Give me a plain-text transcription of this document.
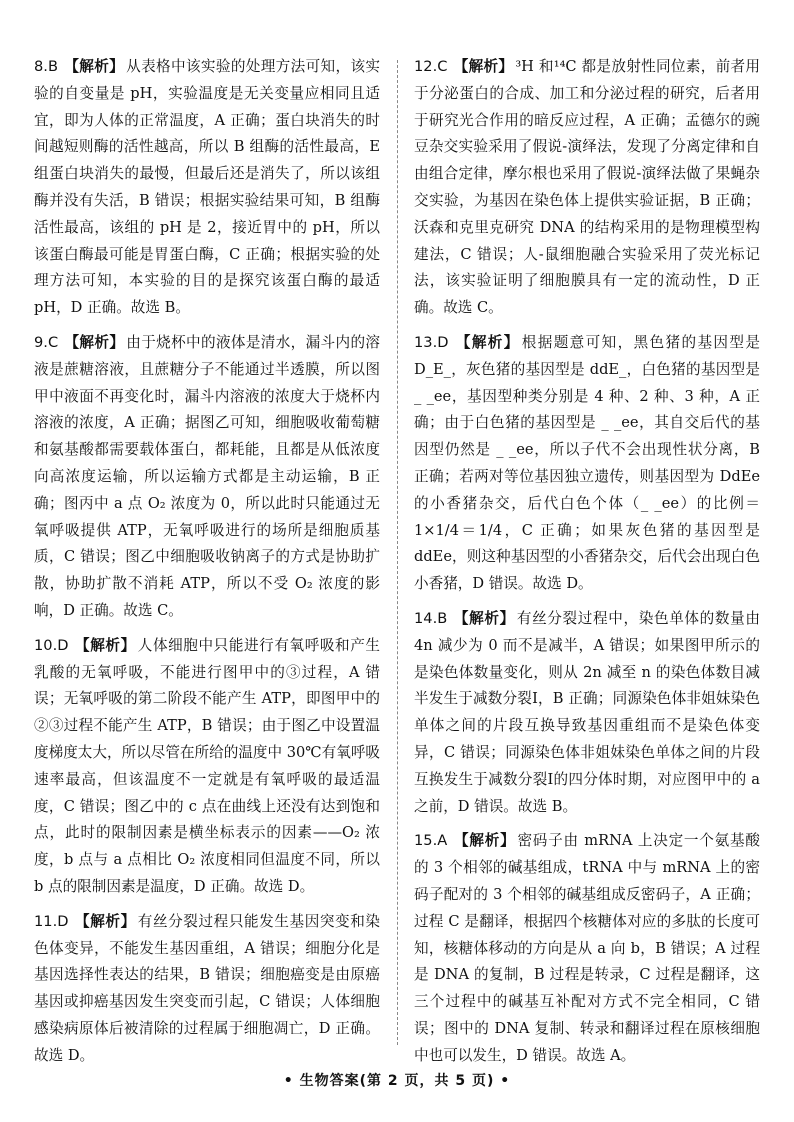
8.B 【解析】 从表格中该实验的处理方法可知，该实验的自变量是 pH，实验温度是无关变量应相同且适宜，即为人体的正常温度，A 正确；蛋白块消失的时间越短则酶的活性越高，所以 B 组酶的活性最高，E 组蛋白块消失的最慢，但最后还是消失了，所以该组酶并没有失活，B 错误；根据实验结果可知，B 组酶活性最高，该组的 pH 是 2，接近胃中的 pH，所以该蛋白酶最可能是胃蛋白酶，C 正确；根据实验的处理方法可知，本实验的目的是探究该蛋白酶的最适 pH，D 正确。故选 B。
9.C 【解析】 由于烧杯中的液体是清水，漏斗内的溶液是蔗糖溶液，且蔗糖分子不能通过半透膜，所以图甲中液面不再变化时，漏斗内溶液的浓度大于烧杯内溶液的浓度，A 正确；据图乙可知，细胞吸收葡萄糖和氨基酸都需要载体蛋白，都耗能，且都是从低浓度向高浓度运输，所以运输方式都是主动运输，B 正确；图丙中 a 点 O₂ 浓度为 0，所以此时只能通过无氧呼吸提供 ATP，无氧呼吸进行的场所是细胞质基质，C 错误；图乙中细胞吸收钠离子的方式是协助扩散，协助扩散不消耗 ATP，所以不受 O₂ 浓度的影响，D 正确。故选 C。
10.D 【解析】 人体细胞中只能进行有氧呼吸和产生乳酸的无氧呼吸，不能进行图甲中的③过程，A 错误；无氧呼吸的第二阶段不能产生 ATP，即图甲中的②③过程不能产生 ATP，B 错误；由于图乙中设置温度梯度太大，所以尽管在所给的温度中 30℃有氧呼吸速率最高，但该温度不一定就是有氧呼吸的最适温度，C 错误；图乙中的 c 点在曲线上还没有达到饱和点，此时的限制因素是横坐标表示的因素——O₂ 浓度，b 点与 a 点相比 O₂ 浓度相同但温度不同，所以 b 点的限制因素是温度，D 正确。故选 D。
11.D 【解析】 有丝分裂过程只能发生基因突变和染色体变异，不能发生基因重组，A 错误；细胞分化是基因选择性表达的结果，B 错误；细胞癌变是由原癌基因或抑癌基因发生突变而引起，C 错误；人体细胞感染病原体后被清除的过程属于细胞凋亡，D 正确。故选 D。
12.C 【解析】 ³H 和¹⁴C 都是放射性同位素，前者用于分泌蛋白的合成、加工和分泌过程的研究，后者用于研究光合作用的暗反应过程，A 正确；孟德尔的豌豆杂交实验采用了假说-演绎法，发现了分离定律和自由组合定律，摩尔根也采用了假说-演绎法做了果蝇杂交实验，为基因在染色体上提供实验证据，B 正确；沃森和克里克研究 DNA 的结构采用的是物理模型构建法，C 错误；人-鼠细胞融合实验采用了荧光标记法，该实验证明了细胞膜具有一定的流动性，D 正确。故选 C。
13.D 【解析】 根据题意可知，黑色猪的基因型是 D_E_，灰色猪的基因型是 ddE_，白色猪的基因型是 _ _ee，基因型种类分别是 4 种、2 种、3 种，A 正确；由于白色猪的基因型是 _ _ee，其自交后代的基因型仍然是 _ _ee，所以子代不会出现性状分离，B 正确；若两对等位基因独立遗传，则基因型为 DdEe 的小香猪杂交，后代白色个体（_ _ee）的比例＝1×1/4＝1/4，C 正确；如果灰色猪的基因型是 ddEe，则这种基因型的小香猪杂交，后代会出现白色小香猪，D 错误。故选 D。
14.B 【解析】 有丝分裂过程中，染色单体的数量由 4n 减少为 0 而不是减半，A 错误；如果图甲所示的是染色体数量变化，则从 2n 减至 n 的染色体数目减半发生于减数分裂Ⅰ，B 正确；同源染色体非姐妹染色单体之间的片段互换导致基因重组而不是染色体变异，C 错误；同源染色体非姐妹染色单体之间的片段互换发生于减数分裂Ⅰ的四分体时期，对应图甲中的 a 之前，D 错误。故选 B。
15.A 【解析】 密码子由 mRNA 上决定一个氨基酸的 3 个相邻的碱基组成，tRNA 中与 mRNA 上的密码子配对的 3 个相邻的碱基组成反密码子，A 正确；过程 C 是翻译，根据四个核糖体对应的多肽的长度可知，核糖体移动的方向是从 a 向 b，B 错误；A 过程是 DNA 的复制，B 过程是转录，C 过程是翻译，这三个过程中的碱基互补配对方式不完全相同，C 错误；图中的 DNA 复制、转录和翻译过程在原核细胞中也可以发生，D 错误。故选 A。
• 生物答案(第 2 页，共 5 页) •
